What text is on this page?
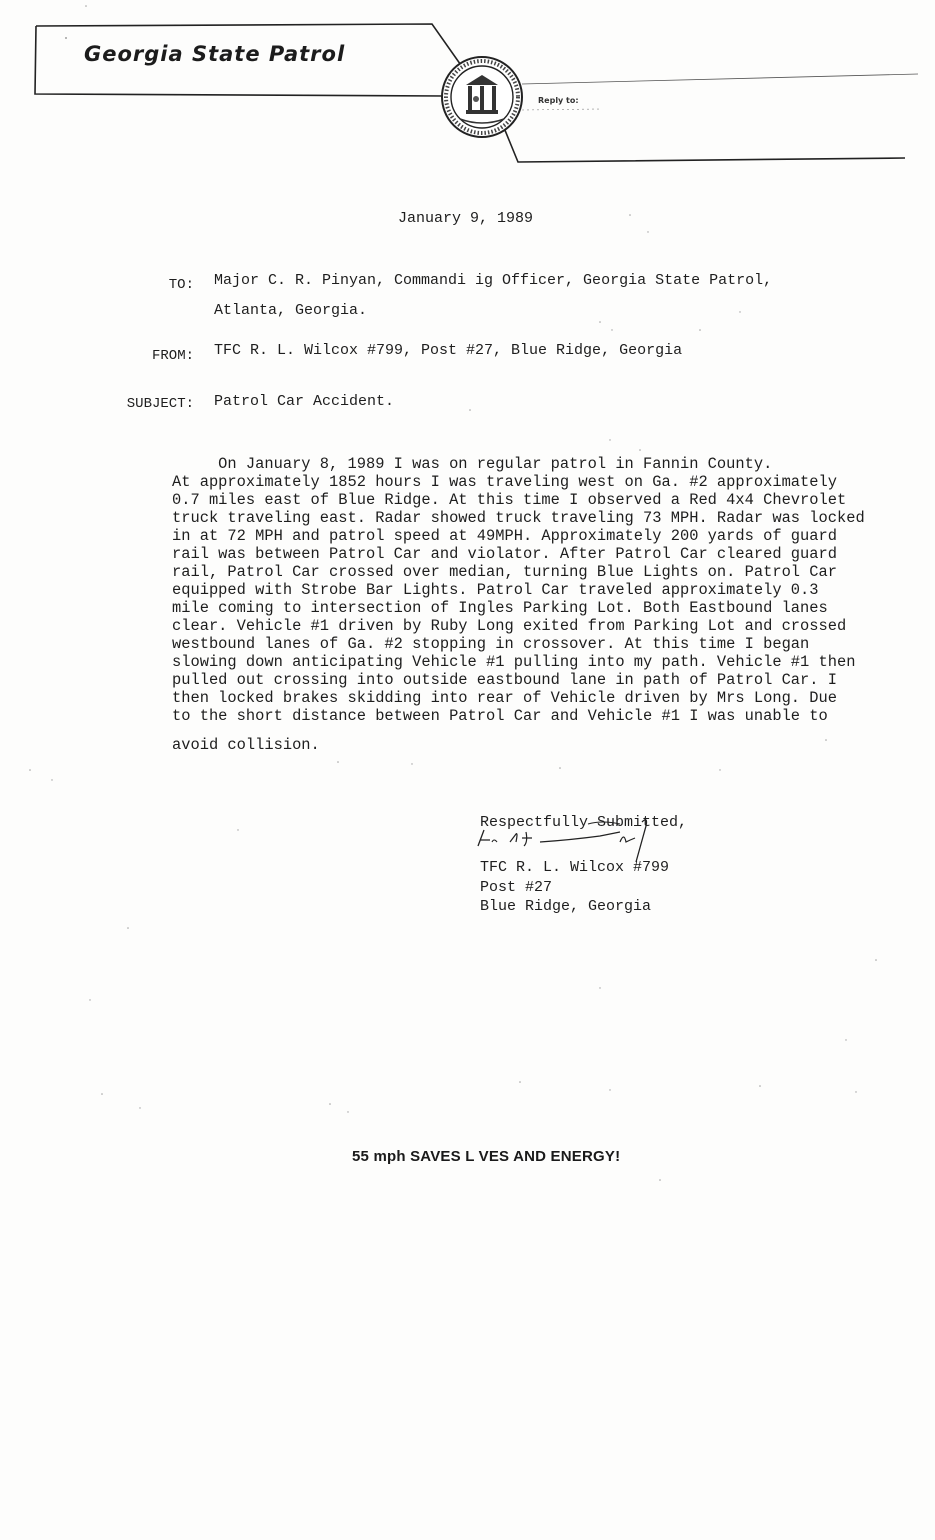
Georgia State Patrol
Reply to:
January 9, 1989
TO: Major C. R. Pinyan, Commandi ig Officer, Georgia State Patrol,
Atlanta, Georgia.
FROM: TFC R. L. Wilcox #799, Post #27, Blue Ridge, Georgia
SUBJECT: Patrol Car Accident.
On January 8, 1989 I was on regular patrol in Fannin County.
At approximately 1852 hours I was traveling west on Ga. #2 approximately
0.7 miles east of Blue Ridge. At this time I observed a Red 4x4 Chevrolet
truck traveling east. Radar showed truck traveling 73 MPH. Radar was locked
in at 72 MPH and patrol speed at 49MPH. Approximately 200 yards of guard
rail was between Patrol Car and violator. After Patrol Car cleared guard
rail, Patrol Car crossed over median, turning Blue Lights on. Patrol Car
equipped with Strobe Bar Lights. Patrol Car traveled approximately 0.3
mile coming to intersection of Ingles Parking Lot. Both Eastbound lanes
clear. Vehicle #1 driven by Ruby Long exited from Parking Lot and crossed
westbound lanes of Ga. #2 stopping in crossover. At this time I began
slowing down anticipating Vehicle #1 pulling into my path. Vehicle #1 then
pulled out crossing into outside eastbound lane in path of Patrol Car. I
then locked brakes skidding into rear of Vehicle driven by Mrs Long. Due
to the short distance between Patrol Car and Vehicle #1 I was unable to
avoid collision.
Respectfully Submitted,
TFC R. L. Wilcox #799
Post #27
Blue Ridge, Georgia
55 mph SAVES L VES AND ENERGY!
